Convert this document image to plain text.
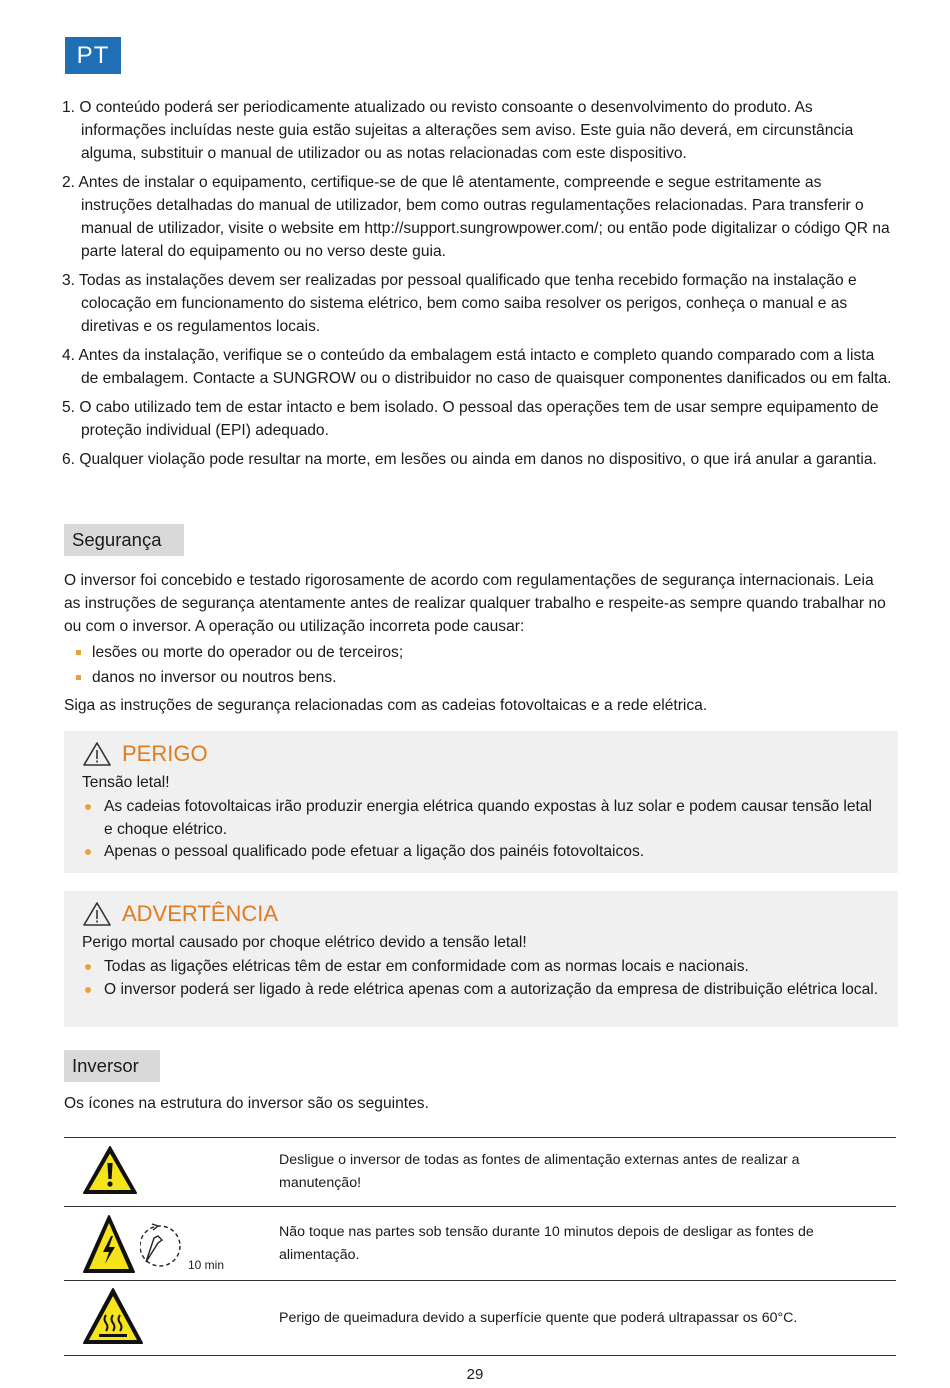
PT
1. O conteúdo poderá ser periodicamente atualizado ou revisto consoante o desenvolvimento do produto. As informações incluídas neste guia estão sujeitas a alterações sem aviso. Este guia não deverá, em circunstância alguma, substituir o manual de utilizador ou as notas relacionadas com este dispositivo.
2. Antes de instalar o equipamento, certifique-se de que lê atentamente, compreende e segue estritamente as instruções detalhadas do manual de utilizador, bem como outras regulamentações relacionadas. Para transferir o manual de utilizador, visite o website em http://support.sungrowpower.com/; ou então pode digitalizar o código QR na parte lateral do equipamento ou no verso deste guia.
3. Todas as instalações devem ser realizadas por pessoal qualificado que tenha recebido formação na instalação e colocação em funcionamento do sistema elétrico, bem como saiba resolver os perigos, conheça o manual e as diretivas e os regulamentos locais.
4. Antes da instalação, verifique se o conteúdo da embalagem está intacto e completo quando comparado com a lista de embalagem. Contacte a SUNGROW ou o distribuidor no caso de quaisquer componentes danificados ou em falta.
5. O cabo utilizado tem de estar intacto e bem isolado. O pessoal das operações tem de usar sempre equipamento de proteção individual (EPI) adequado.
6. Qualquer violação pode resultar na morte, em lesões ou ainda em danos no dispositivo, o que irá anular a garantia.
Segurança

O inversor foi concebido e testado rigorosamente de acordo com regulamentações de segurança internacionais. Leia as instruções de segurança atentamente antes de realizar qualquer trabalho e respeite-as sempre quando trabalhar no ou com o inversor. A operação ou utilização incorreta pode causar:

lesões ou morte do operador ou de terceiros;
danos no inversor ou noutros bens.

Siga as instruções de segurança relacionadas com as cadeias fotovoltaicas e a rede elétrica.

PERIGO
Tensão letal!
As cadeias fotovoltaicas irão produzir energia elétrica quando expostas à luz solar e podem causar tensão letal e choque elétrico.
Apenas o pessoal qualificado pode efetuar a ligação dos painéis fotovoltaicos.
ADVERTÊNCIA
Perigo mortal causado por choque elétrico devido a tensão letal!
Todas as ligações elétricas têm de estar em conformidade com as normas locais e nacionais.
O inversor poderá ser ligado à rede elétrica apenas com a autorização da empresa de distribuição elétrica local.
Inversor

Os ícones na estrutura do inversor são os seguintes.

	Desligue o inversor de todas as fontes de alimentação externas antes de realizar a manutenção!

10 min	Não toque nas partes sob tensão durante 10 minutos depois de desligar as fontes de alimentação.
	Perigo de queimadura devido a superfície quente que poderá ultrapassar os 60°C.
29
